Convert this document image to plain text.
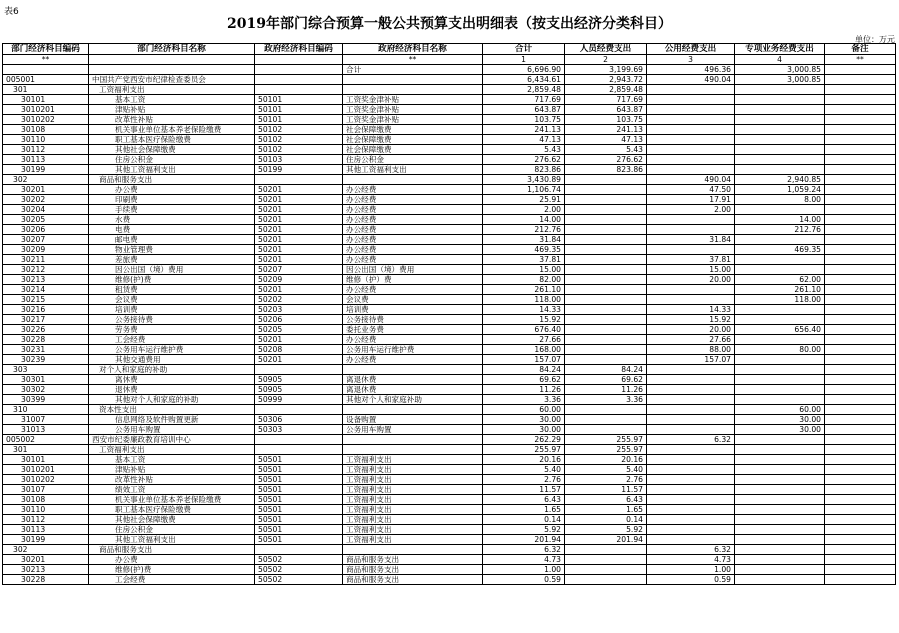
表6
2019年部门综合预算一般公共预算支出明细表（按支出经济分类科目）
单位：万元
部门经济科目编码	部门经济科目名称	政府经济科目编码	政府经济科目名称	合计	人员经费支出	公用经费支出	专项业务经费支出	备注
**			**	1	2	3	4	**
			合计	6,696.90	3,199.69	496.36	3,000.85	
005001	中国共产党西安市纪律检查委员会			6,434.61	2,943.72	490.04	3,000.85	
301	工资福利支出			2,859.48	2,859.48			
30101	基本工资	50101	工资奖金津补贴	717.69	717.69			
3010201	津贴补贴	50101	工资奖金津补贴	643.87	643.87			
3010202	改革性补贴	50101	工资奖金津补贴	103.75	103.75			
30108	机关事业单位基本养老保险缴费	50102	社会保障缴费	241.13	241.13			
30110	职工基本医疗保险缴费	50102	社会保障缴费	47.13	47.13			
30112	其他社会保障缴费	50102	社会保障缴费	5.43	5.43			
30113	住房公积金	50103	住房公积金	276.62	276.62			
30199	其他工资福利支出	50199	其他工资福利支出	823.86	823.86			
302	商品和服务支出			3,430.89		490.04	2,940.85	
30201	办公费	50201	办公经费	1,106.74		47.50	1,059.24	
30202	印刷费	50201	办公经费	25.91		17.91	8.00	
30204	手续费	50201	办公经费	2.00		2.00		
30205	水费	50201	办公经费	14.00			14.00	
30206	电费	50201	办公经费	212.76			212.76	
30207	邮电费	50201	办公经费	31.84		31.84		
30209	物业管理费	50201	办公经费	469.35			469.35	
30211	差旅费	50201	办公经费	37.81		37.81		
30212	因公出国（境）费用	50207	因公出国（境）费用	15.00		15.00		
30213	维修(护)费	50209	维修（护）费	82.00		20.00	62.00	
30214	租赁费	50201	办公经费	261.10			261.10	
30215	会议费	50202	会议费	118.00			118.00	
30216	培训费	50203	培训费	14.33		14.33		
30217	公务接待费	50206	公务接待费	15.92		15.92		
30226	劳务费	50205	委托业务费	676.40		20.00	656.40	
30228	工会经费	50201	办公经费	27.66		27.66		
30231	公务用车运行维护费	50208	公务用车运行维护费	168.00		88.00	80.00	
30239	其他交通费用	50201	办公经费	157.07		157.07		
303	对个人和家庭的补助			84.24	84.24			
30301	离休费	50905	离退休费	69.62	69.62			
30302	退休费	50905	离退休费	11.26	11.26			
30399	其他对个人和家庭的补助	50999	其他对个人和家庭补助	3.36	3.36			
310	资本性支出			60.00			60.00	
31007	信息网络及软件购置更新	50306	设备购置	30.00			30.00	
31013	公务用车购置	50303	公务用车购置	30.00			30.00	
005002	西安市纪委廉政教育培训中心			262.29	255.97	6.32		
301	工资福利支出			255.97	255.97			
30101	基本工资	50501	工资福利支出	20.16	20.16			
3010201	津贴补贴	50501	工资福利支出	5.40	5.40			
3010202	改革性补贴	50501	工资福利支出	2.76	2.76			
30107	绩效工资	50501	工资福利支出	11.57	11.57			
30108	机关事业单位基本养老保险缴费	50501	工资福利支出	6.43	6.43			
30110	职工基本医疗保险缴费	50501	工资福利支出	1.65	1.65			
30112	其他社会保障缴费	50501	工资福利支出	0.14	0.14			
30113	住房公积金	50501	工资福利支出	5.92	5.92			
30199	其他工资福利支出	50501	工资福利支出	201.94	201.94			
302	商品和服务支出			6.32		6.32		
30201	办公费	50502	商品和服务支出	4.73		4.73		
30213	维修(护)费	50502	商品和服务支出	1.00		1.00		
30228	工会经费	50502	商品和服务支出	0.59		0.59		
